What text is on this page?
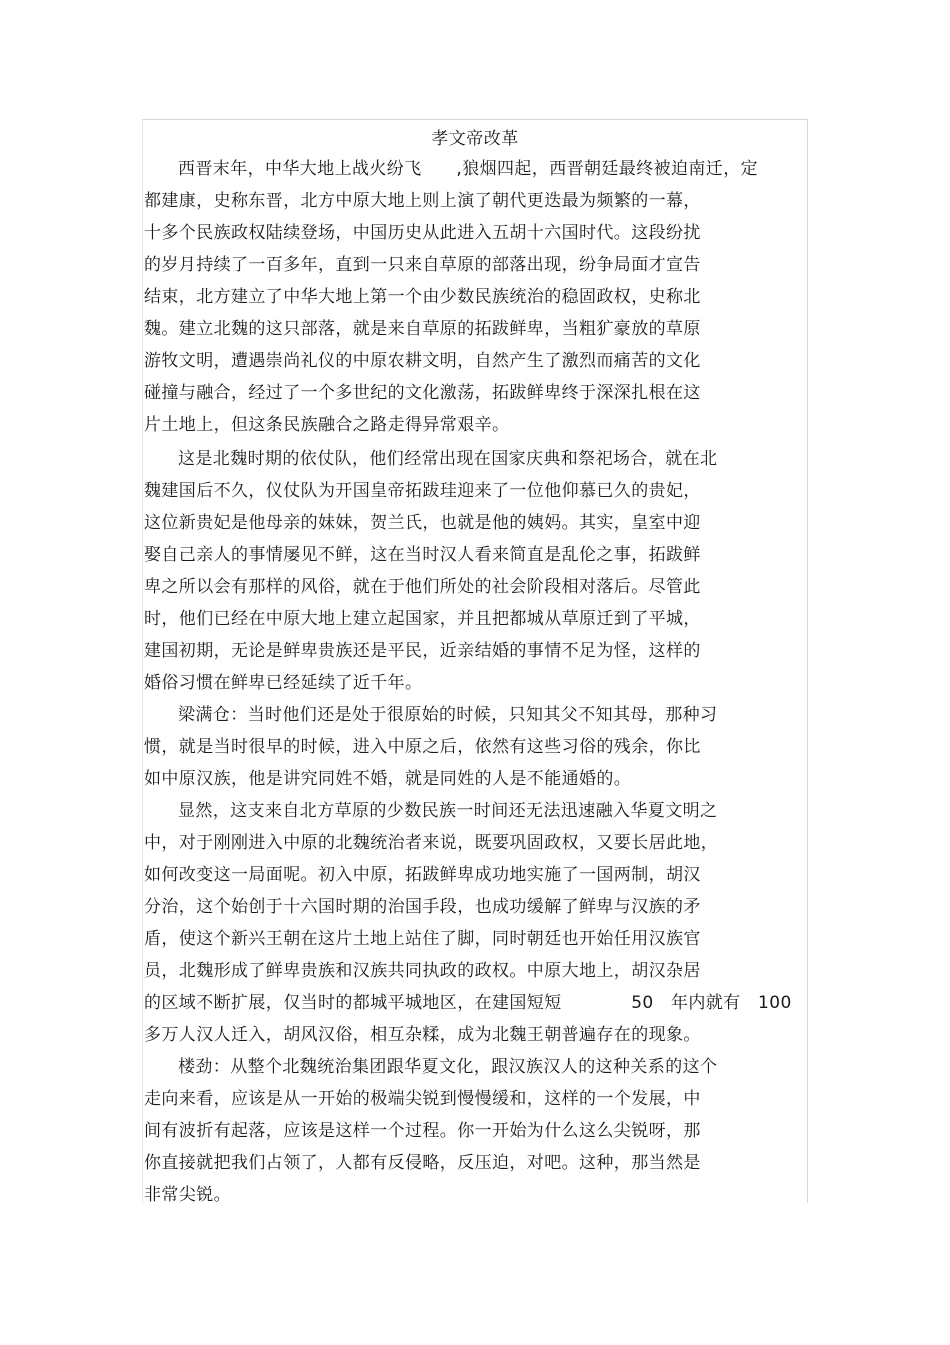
孝文帝改革

西晋末年，中华大地上战火纷飞　　,狼烟四起，西晋朝廷最终被迫南迁，定

都建康，史称东晋，北方中原大地上则上演了朝代更迭最为频繁的一幕，

十多个民族政权陆续登场，中国历史从此进入五胡十六国时代。这段纷扰

的岁月持续了一百多年，直到一只来自草原的部落出现，纷争局面才宣告

结束，北方建立了中华大地上第一个由少数民族统治的稳固政权，史称北

魏。建立北魏的这只部落，就是来自草原的拓跋鲜卑，当粗犷豪放的草原

游牧文明，遭遇崇尚礼仪的中原农耕文明，自然产生了激烈而痛苦的文化

碰撞与融合，经过了一个多世纪的文化激荡，拓跋鲜卑终于深深扎根在这

片土地上，但这条民族融合之路走得异常艰辛。

这是北魏时期的依仗队，他们经常出现在国家庆典和祭祀场合，就在北

魏建国后不久，仪仗队为开国皇帝拓跋珪迎来了一位他仰慕已久的贵妃，

这位新贵妃是他母亲的妹妹，贺兰氏，也就是他的姨妈。其实，皇室中迎

娶自己亲人的事情屡见不鲜，这在当时汉人看来简直是乱伦之事，拓跋鲜

卑之所以会有那样的风俗，就在于他们所处的社会阶段相对落后。尽管此

时，他们已经在中原大地上建立起国家，并且把都城从草原迁到了平城，

建国初期，无论是鲜卑贵族还是平民，近亲结婚的事情不足为怪，这样的

婚俗习惯在鲜卑已经延续了近千年。

梁满仓：当时他们还是处于很原始的时候，只知其父不知其母，那种习

惯，就是当时很早的时候，进入中原之后，依然有这些习俗的残余，你比

如中原汉族，他是讲究同姓不婚，就是同姓的人是不能通婚的。

显然，这支来自北方草原的少数民族一时间还无法迅速融入华夏文明之

中，对于刚刚进入中原的北魏统治者来说，既要巩固政权，又要长居此地，

如何改变这一局面呢。初入中原，拓跋鲜卑成功地实施了一国两制，胡汉

分治，这个始创于十六国时期的治国手段，也成功缓解了鲜卑与汉族的矛

盾，使这个新兴王朝在这片土地上站住了脚，同时朝廷也开始任用汉族官

员，北魏形成了鲜卑贵族和汉族共同执政的政权。中原大地上，胡汉杂居

的区域不断扩展，仅当时的都城平城地区，在建国短短　　　　50　年内就有　100

多万人汉人迁入，胡风汉俗，相互杂糅，成为北魏王朝普遍存在的现象。

楼劲：从整个北魏统治集团跟华夏文化，跟汉族汉人的这种关系的这个

走向来看，应该是从一开始的极端尖锐到慢慢缓和，这样的一个发展，中

间有波折有起落，应该是这样一个过程。你一开始为什么这么尖锐呀，那

你直接就把我们占领了，人都有反侵略，反压迫，对吧。这种，那当然是

非常尖锐。
